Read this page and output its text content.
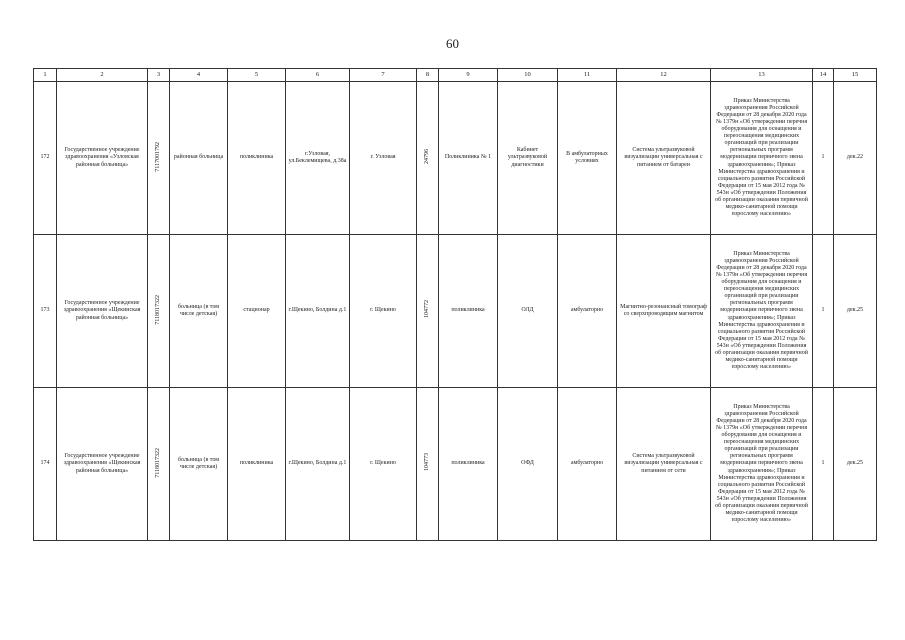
60
1	2	3	4	5	6	7	8	9	10	11	12	13	14	15
172	Государственное учреждение здравоохранения «Узловская районная больница»	7117001792	районная больница	поликлиника	г.Узловая, ул.Беклемищева, д.38а	г. Узловая	24796	Поликлиника № 1	Кабинет ультразвуковой диагностики	В амбулаторных условиях	Система ультразвуковой визуализации универсальная с питанием от батареи	Приказ Министерства здравоохранения Российской Федерации от 28 декабря 2020 года № 1379н «Об утверждении перечня оборудования для оснащения и переоснащения медицинских организаций при реализации региональных программ модернизации первичного звена здравоохранения»; Приказ Министерства здравоохранения и социального развития Российской Федерации от 15 мая 2012 года № 543н «Об утверждении Положения об организации оказания первичной медико-санитарной помощи взрослому населению»	1	дек.22
173	Государственное учреждение здравоохранения «Щекинская районная больница»	7118017322	больница (в том числе детская)	стационар	г.Щекино, Болдина д.1	г. Щекино	104772	поликлиника	ОЛД	амбулаторно	Магнитно-резонансный томограф со сверхпроводящим магнитом	Приказ Министерства здравоохранения Российской Федерации от 28 декабря 2020 года № 1379н «Об утверждении перечня оборудования для оснащения и переоснащения медицинских организаций при реализации региональных программ модернизации первичного звена здравоохранения»; Приказ Министерства здравоохранения и социального развития Российской Федерации от 15 мая 2012 года № 543н «Об утверждении Положения об организации оказания первичной медико-санитарной помощи взрослому населению»	1	дек.25
174	Государственное учреждение здравоохранения «Щекинская районная больница»	7118017322	больница (в том числе детская)	поликлиника	г.Щекино, Болдина д.1	г. Щекино	104773	поликлиника	ОФД	амбулаторно	Система ультразвуковой визуализации универсальная с питанием от сети	Приказ Министерства здравоохранения Российской Федерации от 28 декабря 2020 года № 1379н «Об утверждении перечня оборудования для оснащения и переоснащения медицинских организаций при реализации региональных программ модернизации первичного звена здравоохранения»; Приказ Министерства здравоохранения и социального развития Российской Федерации от 15 мая 2012 года № 543н «Об утверждении Положения об организации оказания первичной медико-санитарной помощи взрослому населению»	1	дек.25
